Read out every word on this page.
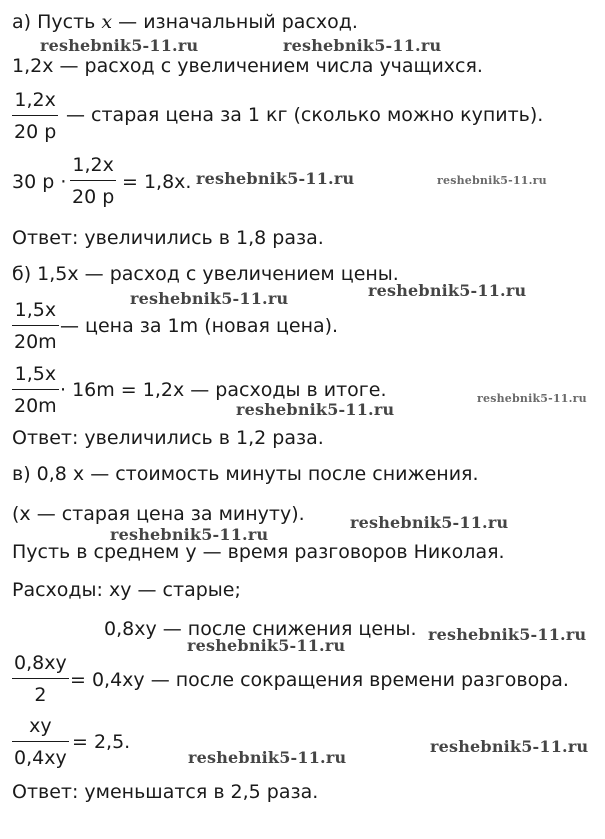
а) Пусть x — изначальный расход.
1,2x — расход с увеличением числа учащихся.
1,2x
20 р
— старая цена за 1 кг (сколько можно купить).
30 р ·
1,2x
20 р
= 1,8x.
Ответ: увеличились в 1,8 раза.
б) 1,5x — расход с увеличением цены.
1,5x
20m
— цена за 1m (новая цена).
1,5x
20m
· 16m = 1,2x — расходы в итоге.
Ответ: увеличились в 1,2 раза.
в) 0,8 x — стоимость минуты после снижения.
(x — старая цена за минуту).
Пусть в среднем y — время разговоров Николая.
Расходы: xy — старые;
0,8xy — после снижения цены.
0,8xy
2
= 0,4xy — после сокращения времени разговора.
xy
0,4xy
= 2,5.
Ответ: уменьшатся в 2,5 раза.
reshebnik5-11.ru	reshebnik5-11.ru
reshebnik5-11.ru	reshebnik5-11.ru
reshebnik5-11.ru	reshebnik5-11.ru
reshebnik5-11.ru
reshebnik5-11.ru
reshebnik5-11.ru
reshebnik5-11.ru
reshebnik5-11.ru
reshebnik5-11.ru
reshebnik5-11.ru
reshebnik5-11.ru
